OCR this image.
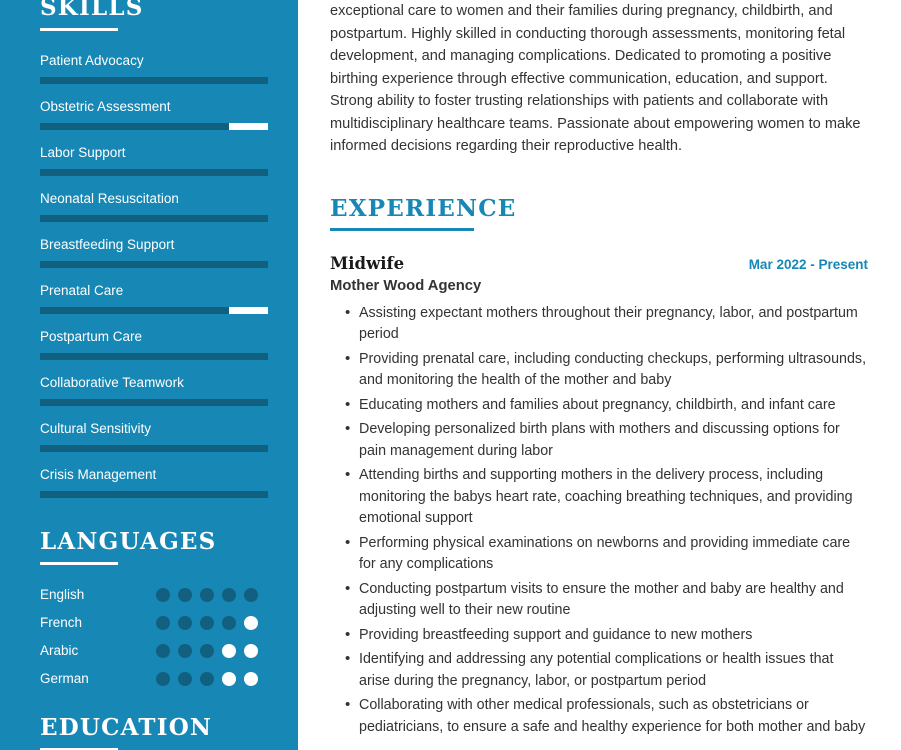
SKILLS
Patient Advocacy
Obstetric Assessment
Labor Support
Neonatal Resuscitation
Breastfeeding Support
Prenatal Care
Postpartum Care
Collaborative Teamwork
Cultural Sensitivity
Crisis Management
LANGUAGES
English
French
Arabic
German
EDUCATION

exceptional care to women and their families during pregnancy, childbirth, and postpartum. Highly skilled in conducting thorough assessments, monitoring fetal development, and managing complications. Dedicated to promoting a positive birthing experience through effective communication, education, and support. Strong ability to foster trusting relationships with patients and collaborate with multidisciplinary healthcare teams. Passionate about empowering women to make informed decisions regarding their reproductive health.

EXPERIENCE
Midwife	Mar 2022 - Present
Mother Wood Agency
• Assisting expectant mothers throughout their pregnancy, labor, and postpartum period
• Providing prenatal care, including conducting checkups, performing ultrasounds, and monitoring the health of the mother and baby
• Educating mothers and families about pregnancy, childbirth, and infant care
• Developing personalized birth plans with mothers and discussing options for pain management during labor
• Attending births and supporting mothers in the delivery process, including monitoring the babys heart rate, coaching breathing techniques, and providing emotional support
• Performing physical examinations on newborns and providing immediate care for any complications
• Conducting postpartum visits to ensure the mother and baby are healthy and adjusting well to their new routine
• Providing breastfeeding support and guidance to new mothers
• Identifying and addressing any potential complications or health issues that arise during the pregnancy, labor, or postpartum period
• Collaborating with other medical professionals, such as obstetricians or pediatricians, to ensure a safe and healthy experience for both mother and baby
